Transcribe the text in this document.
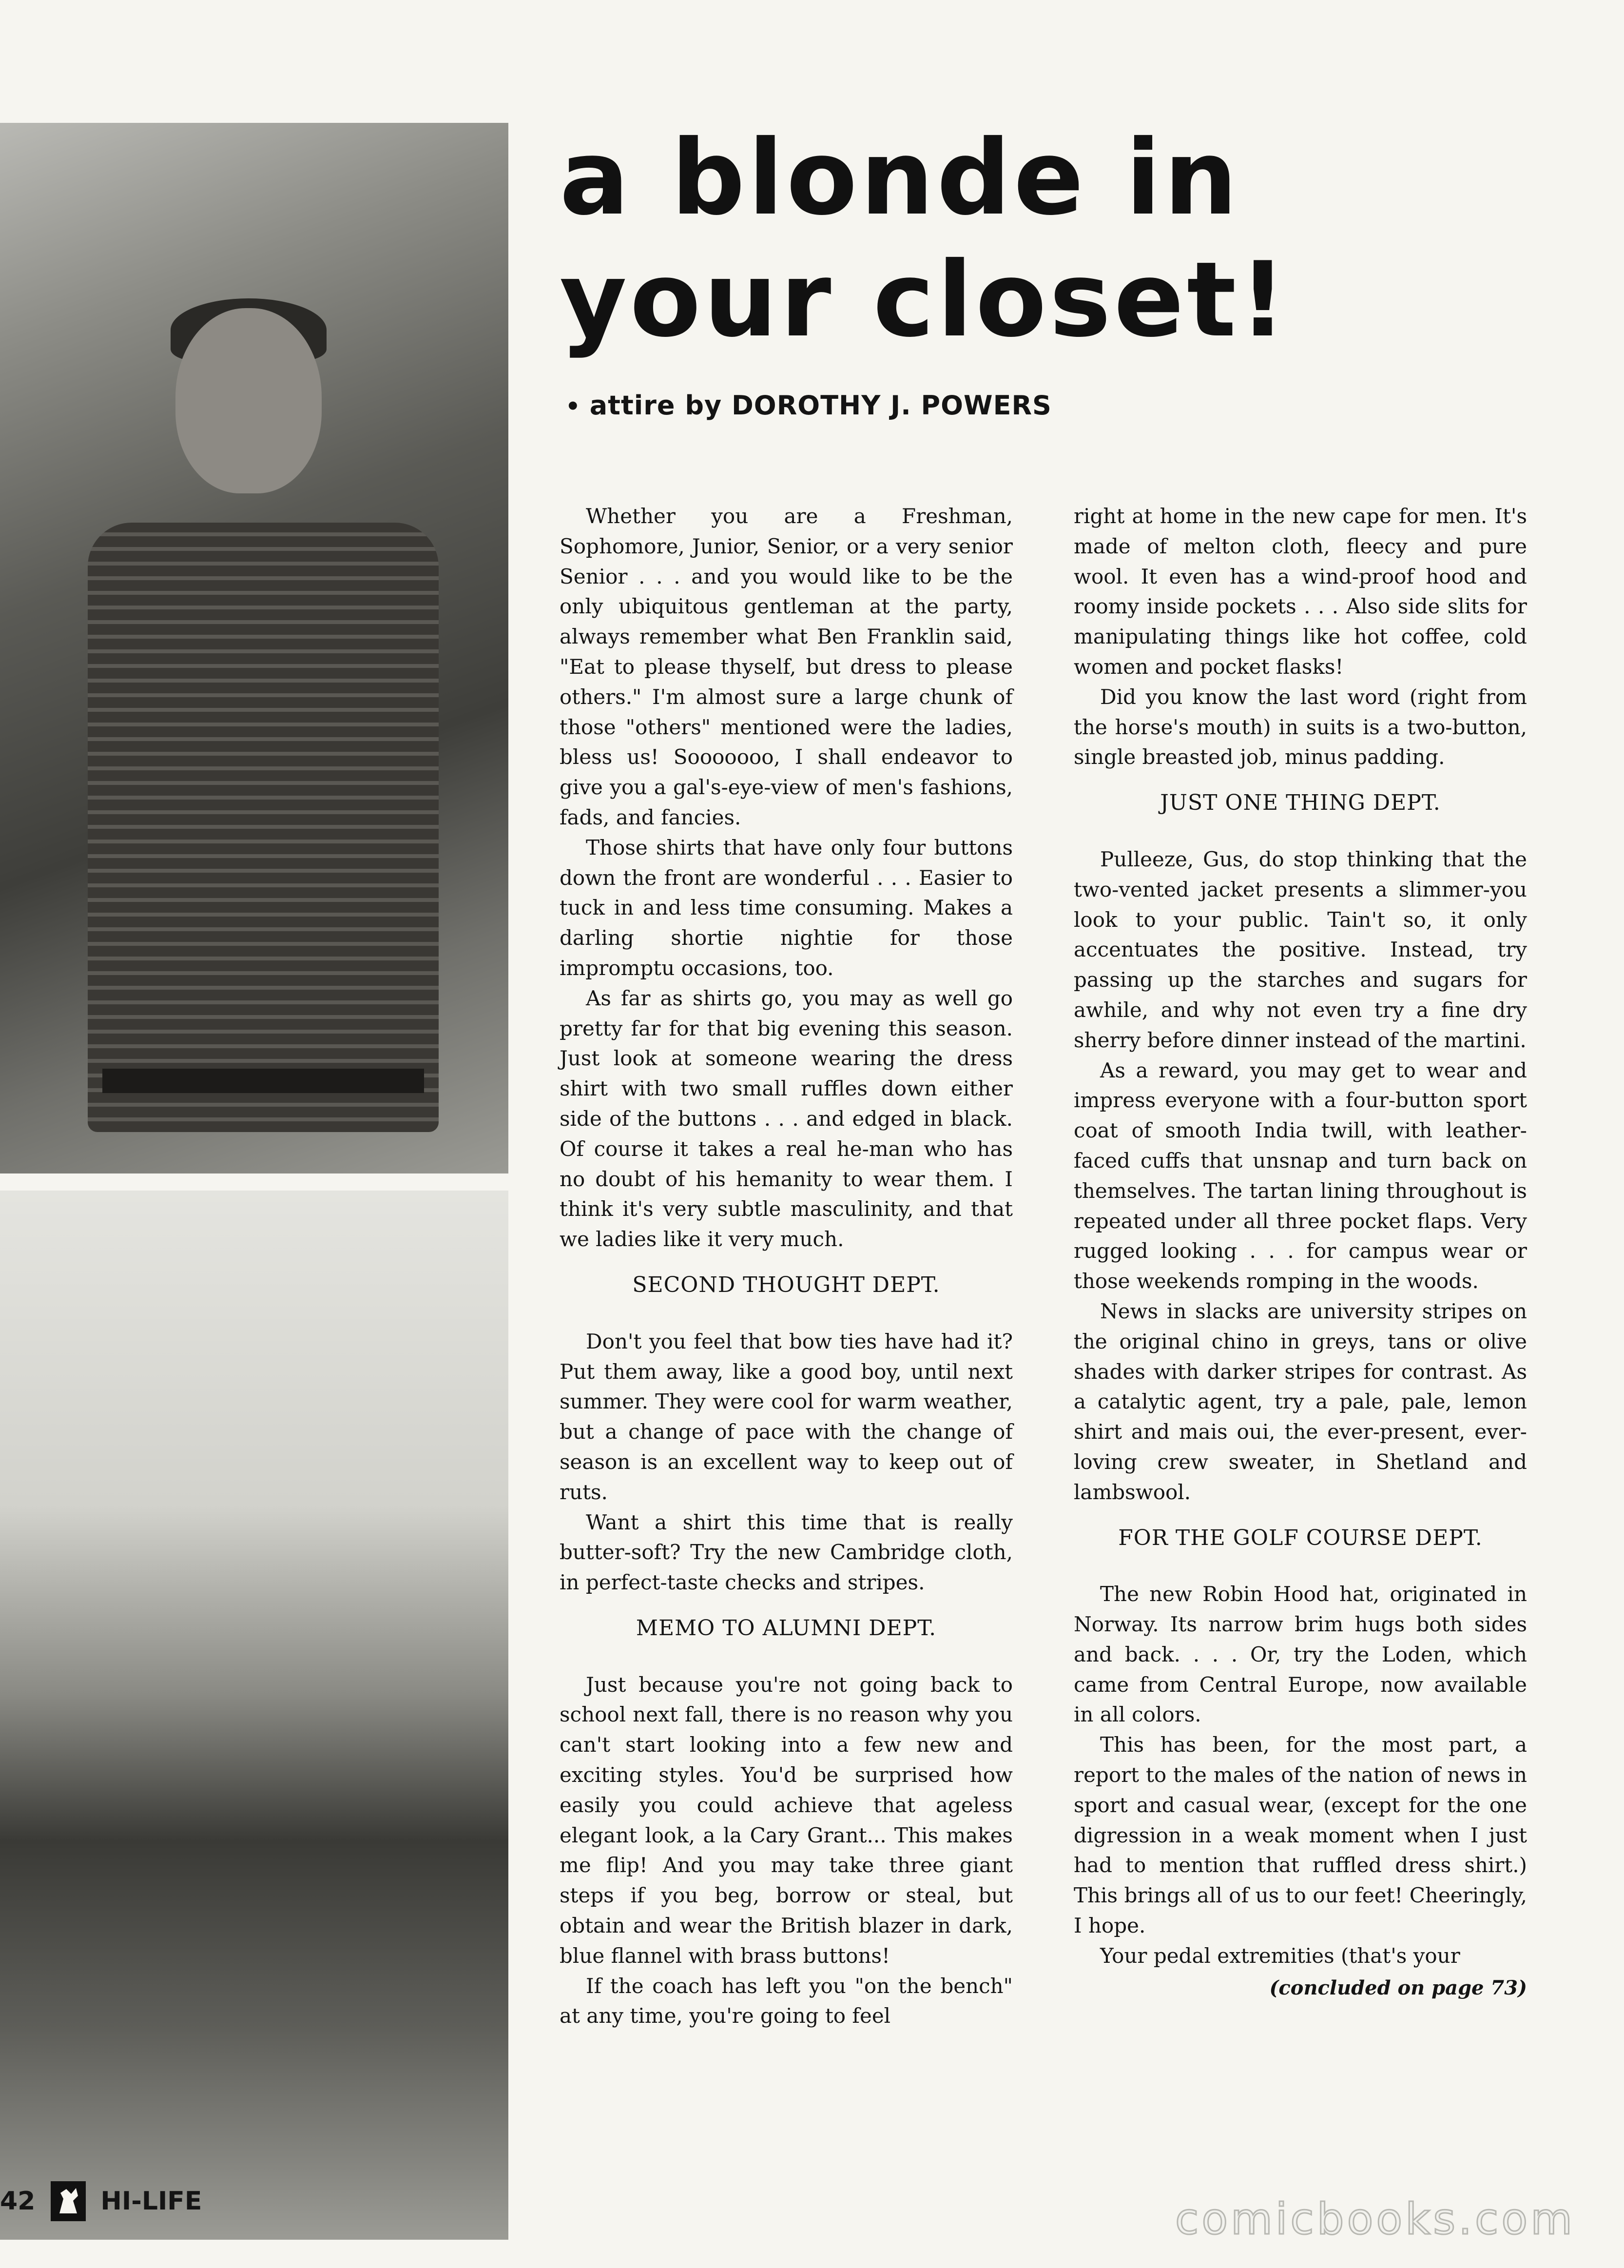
a blonde in
your closet!
• attire by DOROTHY J. POWERS

Whether you are a Freshman, Sophomore, Junior, Senior, or a very senior Senior . . . and you would like to be the only ubiquitous gentleman at the party, always remember what Ben Franklin said, "Eat to please thyself, but dress to please others." I'm almost sure a large chunk of those "others" mentioned were the ladies, bless us! Sooooooo, I shall endeavor to give you a gal's-eye-view of men's fashions, fads, and fancies.

Those shirts that have only four buttons down the front are wonderful . . . Easier to tuck in and less time consuming. Makes a darling shortie nightie for those impromptu occasions, too.

As far as shirts go, you may as well go pretty far for that big evening this season. Just look at someone wearing the dress shirt with two small ruffles down either side of the buttons . . . and edged in black. Of course it takes a real he-man who has no doubt of his hemanity to wear them. I think it's very subtle masculinity, and that we ladies like it very much.

SECOND THOUGHT DEPT.

Don't you feel that bow ties have had it? Put them away, like a good boy, until next summer. They were cool for warm weather, but a change of pace with the change of season is an excellent way to keep out of ruts.

Want a shirt this time that is really butter-soft? Try the new Cambridge cloth, in perfect-taste checks and stripes.

MEMO TO ALUMNI DEPT.

Just because you're not going back to school next fall, there is no reason why you can't start looking into a few new and exciting styles. You'd be surprised how easily you could achieve that ageless elegant look, a la Cary Grant... This makes me flip! And you may take three giant steps if you beg, borrow or steal, but obtain and wear the British blazer in dark, blue flannel with brass buttons!

If the coach has left you "on the bench" at any time, you're going to feel

right at home in the new cape for men. It's made of melton cloth, fleecy and pure wool. It even has a wind-proof hood and roomy inside pockets . . . Also side slits for manipulating things like hot coffee, cold women and pocket flasks!

Did you know the last word (right from the horse's mouth) in suits is a two-button, single breasted job, minus padding.

JUST ONE THING DEPT.

Pulleeze, Gus, do stop thinking that the two-vented jacket presents a slimmer-you look to your public. Tain't so, it only accentuates the positive. Instead, try passing up the starches and sugars for awhile, and why not even try a fine dry sherry before dinner instead of the martini.

As a reward, you may get to wear and impress everyone with a four-button sport coat of smooth India twill, with leather-faced cuffs that unsnap and turn back on themselves. The tartan lining throughout is repeated under all three pocket flaps. Very rugged looking . . . for campus wear or those weekends romping in the woods.

News in slacks are university stripes on the original chino in greys, tans or olive shades with darker stripes for contrast. As a catalytic agent, try a pale, pale, lemon shirt and mais oui, the ever-present, ever-loving crew sweater, in Shetland and lambswool.

FOR THE GOLF COURSE DEPT.

The new Robin Hood hat, originated in Norway. Its narrow brim hugs both sides and back. . . . Or, try the Loden, which came from Central Europe, now available in all colors.

This has been, for the most part, a report to the males of the nation of news in sport and casual wear, (except for the one digression in a weak moment when I just had to mention that ruffled dress shirt.) This brings all of us to our feet! Cheeringly, I hope.

Your pedal extremities (that's your

(concluded on page 73)
42	HI-LIFE	comicbooks.com
